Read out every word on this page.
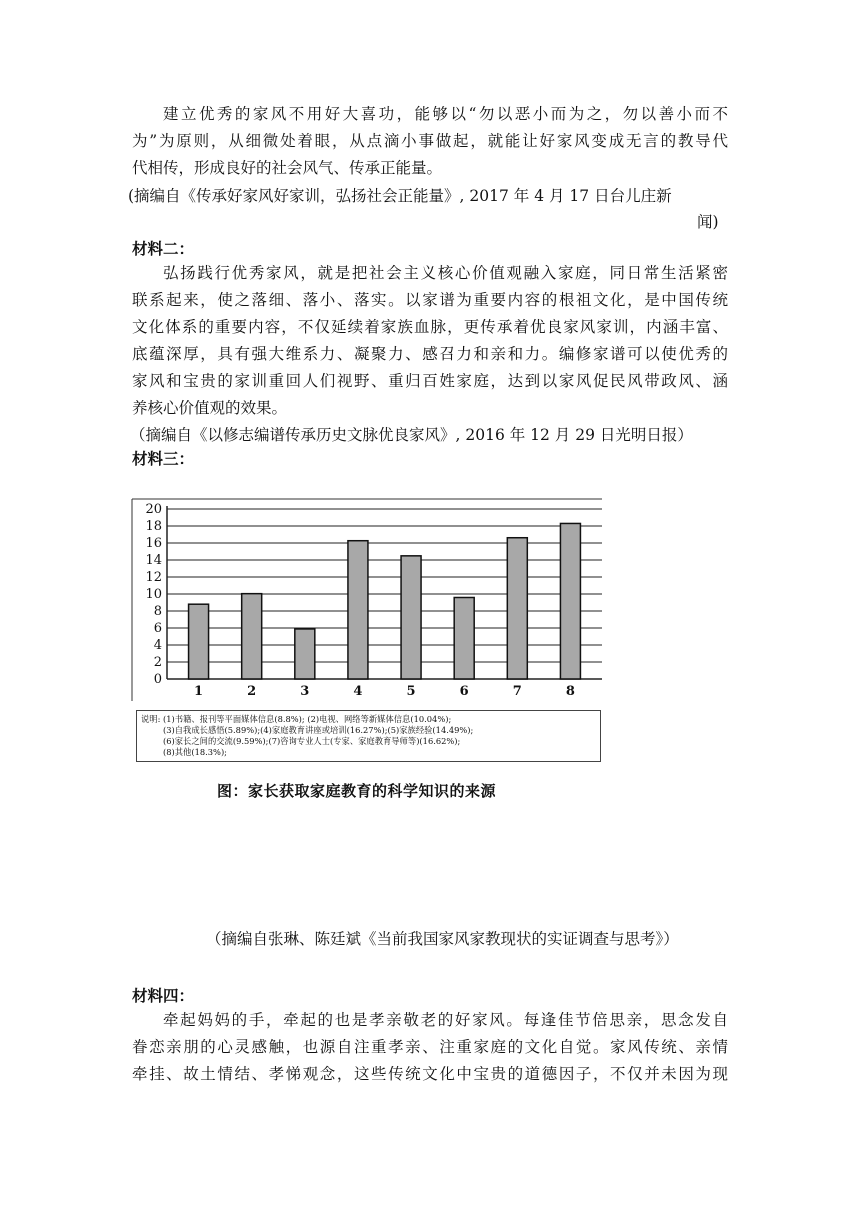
建立优秀的家风不用好大喜功，能够以“勿以恶小而为之，勿以善小而不

为”为原则，从细微处着眼，从点滴小事做起，就能让好家风变成无言的教导代

代相传，形成良好的社会风气、传承正能量。

(摘编自《传承好家风好家训，弘扬社会正能量》, 2017 年 4 月 17 日台儿庄新

闻)

材料二：

弘扬践行优秀家风，就是把社会主义核心价值观融入家庭，同日常生活紧密

联系起来，使之落细、落小、落实。以家谱为重要内容的根祖文化，是中国传统

文化体系的重要内容，不仅延续着家族血脉，更传承着优良家风家训，内涵丰富、

底蕴深厚，具有强大维系力、凝聚力、感召力和亲和力。编修家谱可以使优秀的

家风和宝贵的家训重回人们视野、重归百姓家庭，达到以家风促民风带政风、涵

养核心价值观的效果。

（摘编自《以修志编谱传承历史文脉优良家风》, 2016 年 12 月 29 日光明日报）

材料三：

0
2
4
6
8
10
12
14
16
18
20
1	2	3	4	5	6	7	8
说明: (1)书籍、报刊等平面媒体信息(8.8%); (2)电视、网络等新媒体信息(10.04%);
(3)自我成长感悟(5.89%);(4)家庭教育讲座或培训(16.27%);(5)家族经验(14.49%);
(6)家长之间的交流(9.59%);(7)咨询专业人士(专家、家庭教育导师等)(16.62%);
(8)其他(18.3%);
图：家长获取家庭教育的科学知识的来源

（摘编自张琳、陈廷斌《当前我国家风家教现状的实证调查与思考》）

材料四：

牵起妈妈的手，牵起的也是孝亲敬老的好家风。每逢佳节倍思亲，思念发自

眷恋亲朋的心灵感触，也源自注重孝亲、注重家庭的文化自觉。家风传统、亲情

牵挂、故土情结、孝悌观念，这些传统文化中宝贵的道德因子，不仅并未因为现
